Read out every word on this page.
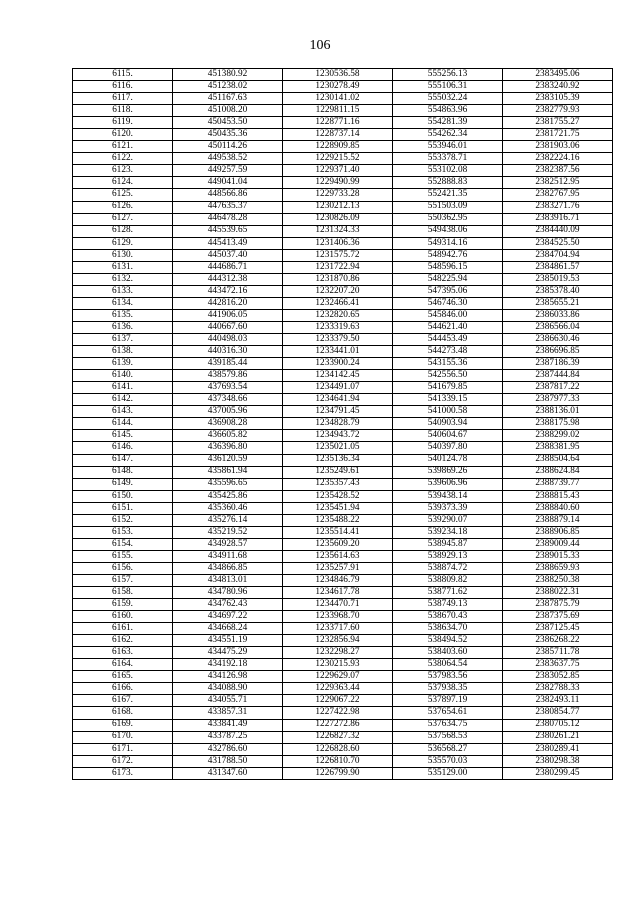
106
6115.	451380.92	1230536.58	555256.13	2383495.06
6116.	451238.02	1230278.49	555106.31	2383240.92
6117.	451167.63	1230141.02	555032.24	2383105.39
6118.	451008.20	1229811.15	554863.96	2382779.93
6119.	450453.50	1228771.16	554281.39	2381755.27
6120.	450435.36	1228737.14	554262.34	2381721.75
6121.	450114.26	1228909.85	553946.01	2381903.06
6122.	449538.52	1229215.52	553378.71	2382224.16
6123.	449257.59	1229371.40	553102.08	2382387.56
6124.	449041.04	1229490.99	552888.83	2382512.95
6125.	448566.86	1229733.28	552421.35	2382767.95
6126.	447635.37	1230212.13	551503.09	2383271.76
6127.	446478.28	1230826.09	550362.95	2383916.71
6128.	445539.65	1231324.33	549438.06	2384440.09
6129.	445413.49	1231406.36	549314.16	2384525.50
6130.	445037.40	1231575.72	548942.76	2384704.94
6131.	444686.71	1231722.94	548596.15	2384861.57
6132.	444312.38	1231870.86	548225.94	2385019.53
6133.	443472.16	1232207.20	547395.06	2385378.40
6134.	442816.20	1232466.41	546746.30	2385655.21
6135.	441906.05	1232820.65	545846.00	2386033.86
6136.	440667.60	1233319.63	544621.40	2386566.04
6137.	440498.03	1233379.50	544453.49	2386630.46
6138.	440316.30	1233441.01	544273.48	2386696.85
6139.	439185.44	1233900.24	543155.36	2387186.39
6140.	438579.86	1234142.45	542556.50	2387444.84
6141.	437693.54	1234491.07	541679.85	2387817.22
6142.	437348.66	1234641.94	541339.15	2387977.33
6143.	437005.96	1234791.45	541000.58	2388136.01
6144.	436908.28	1234828.79	540903.94	2388175.98
6145.	436605.82	1234943.72	540604.67	2388299.02
6146.	436396.80	1235021.05	540397.80	2388381.95
6147.	436120.59	1235136.34	540124.78	2388504.64
6148.	435861.94	1235249.61	539869.26	2388624.84
6149.	435596.65	1235357.43	539606.96	2388739.77
6150.	435425.86	1235428.52	539438.14	2388815.43
6151.	435360.46	1235451.94	539373.39	2388840.60
6152.	435276.14	1235488.22	539290.07	2388879.14
6153.	435219.52	1235514.41	539234.18	2388906.85
6154.	434928.57	1235609.20	538945.87	2389009.44
6155.	434911.68	1235614.63	538929.13	2389015.33
6156.	434866.85	1235257.91	538874.72	2388659.93
6157.	434813.01	1234846.79	538809.82	2388250.38
6158.	434780.96	1234617.78	538771.62	2388022.31
6159.	434762.43	1234470.71	538749.13	2387875.79
6160.	434697.22	1233968.70	538670.43	2387375.69
6161.	434668.24	1233717.60	538634.70	2387125.45
6162.	434551.19	1232856.94	538494.52	2386268.22
6163.	434475.29	1232298.27	538403.60	2385711.78
6164.	434192.18	1230215.93	538064.54	2383637.75
6165.	434126.98	1229629.07	537983.56	2383052.85
6166.	434088.90	1229363.44	537938.35	2382788.33
6167.	434055.71	1229067.22	537897.19	2382493.11
6168.	433857.31	1227422.98	537654.61	2380854.77
6169.	433841.49	1227272.86	537634.75	2380705.12
6170.	433787.25	1226827.32	537568.53	2380261.21
6171.	432786.60	1226828.60	536568.27	2380289.41
6172.	431788.50	1226810.70	535570.03	2380298.38
6173.	431347.60	1226799.90	535129.00	2380299.45
